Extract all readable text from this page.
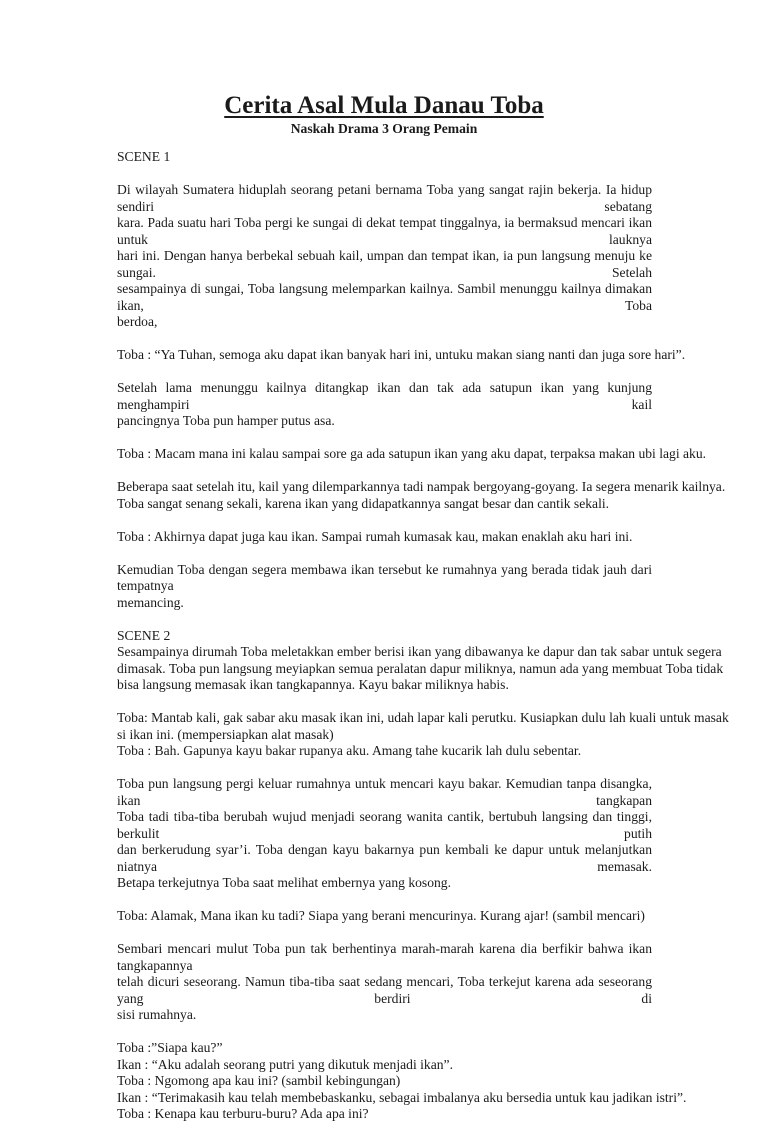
Cerita Asal Mula Danau Toba
Naskah Drama 3 Orang Pemain
SCENE 1
Di wilayah Sumatera hiduplah seorang petani bernama Toba yang sangat rajin bekerja. Ia hidup sendiri sebatang
kara. Pada suatu hari Toba pergi ke sungai di dekat tempat tinggalnya, ia bermaksud mencari ikan untuk lauknya
hari ini. Dengan hanya berbekal sebuah kail, umpan dan tempat ikan, ia pun langsung menuju ke sungai. Setelah
sesampainya di sungai, Toba langsung melemparkan kailnya. Sambil menunggu kailnya dimakan ikan, Toba
berdoa,
Toba : “Ya Tuhan, semoga aku dapat ikan banyak hari ini, untuku makan siang nanti dan juga sore hari”.
Setelah lama menunggu kailnya ditangkap ikan dan tak ada satupun ikan yang kunjung menghampiri kail
pancingnya Toba pun hamper putus asa.
Toba : Macam mana ini kalau sampai sore ga ada satupun ikan yang aku dapat, terpaksa makan ubi lagi aku.
Beberapa saat setelah itu, kail yang dilemparkannya tadi nampak bergoyang-goyang. Ia segera menarik kailnya.
Toba sangat senang sekali, karena ikan yang didapatkannya sangat besar dan cantik sekali.
Toba : Akhirnya dapat juga kau ikan. Sampai rumah kumasak kau, makan enaklah aku hari ini.
Kemudian Toba dengan segera membawa ikan tersebut ke rumahnya yang berada tidak jauh dari tempatnya
memancing.
SCENE 2
Sesampainya dirumah Toba meletakkan ember berisi ikan yang dibawanya ke dapur dan tak sabar untuk segera
dimasak. Toba pun langsung meyiapkan semua peralatan dapur miliknya, namun ada yang membuat Toba tidak
bisa langsung memasak ikan tangkapannya. Kayu bakar miliknya habis.
Toba: Mantab kali, gak sabar aku masak ikan ini, udah lapar kali perutku. Kusiapkan dulu lah kuali untuk masak
si ikan ini. (mempersiapkan alat masak)
Toba : Bah. Gapunya kayu bakar rupanya aku. Amang tahe kucarik lah dulu sebentar.
Toba pun langsung pergi keluar rumahnya untuk mencari kayu bakar. Kemudian tanpa disangka, ikan tangkapan
Toba tadi tiba-tiba berubah wujud menjadi seorang wanita cantik, bertubuh langsing dan tinggi, berkulit putih
dan berkerudung syar’i. Toba dengan kayu bakarnya pun kembali ke dapur untuk melanjutkan niatnya memasak.
Betapa terkejutnya Toba saat melihat embernya yang kosong.
Toba: Alamak, Mana ikan ku tadi? Siapa yang berani mencurinya. Kurang ajar! (sambil mencari)
Sembari mencari mulut Toba pun tak berhentinya marah-marah karena dia berfikir bahwa ikan tangkapannya
telah dicuri seseorang. Namun tiba-tiba saat sedang mencari, Toba terkejut karena ada seseorang yang berdiri di
sisi rumahnya.
Toba :”Siapa kau?”
Ikan : “Aku adalah seorang putri yang dikutuk menjadi ikan”.
Toba : Ngomong apa kau ini? (sambil kebingungan)
Ikan : “Terimakasih kau telah membebaskanku, sebagai imbalanya aku bersedia untuk kau jadikan istri”.
Toba : Kenapa kau terburu-buru? Ada apa ini?
